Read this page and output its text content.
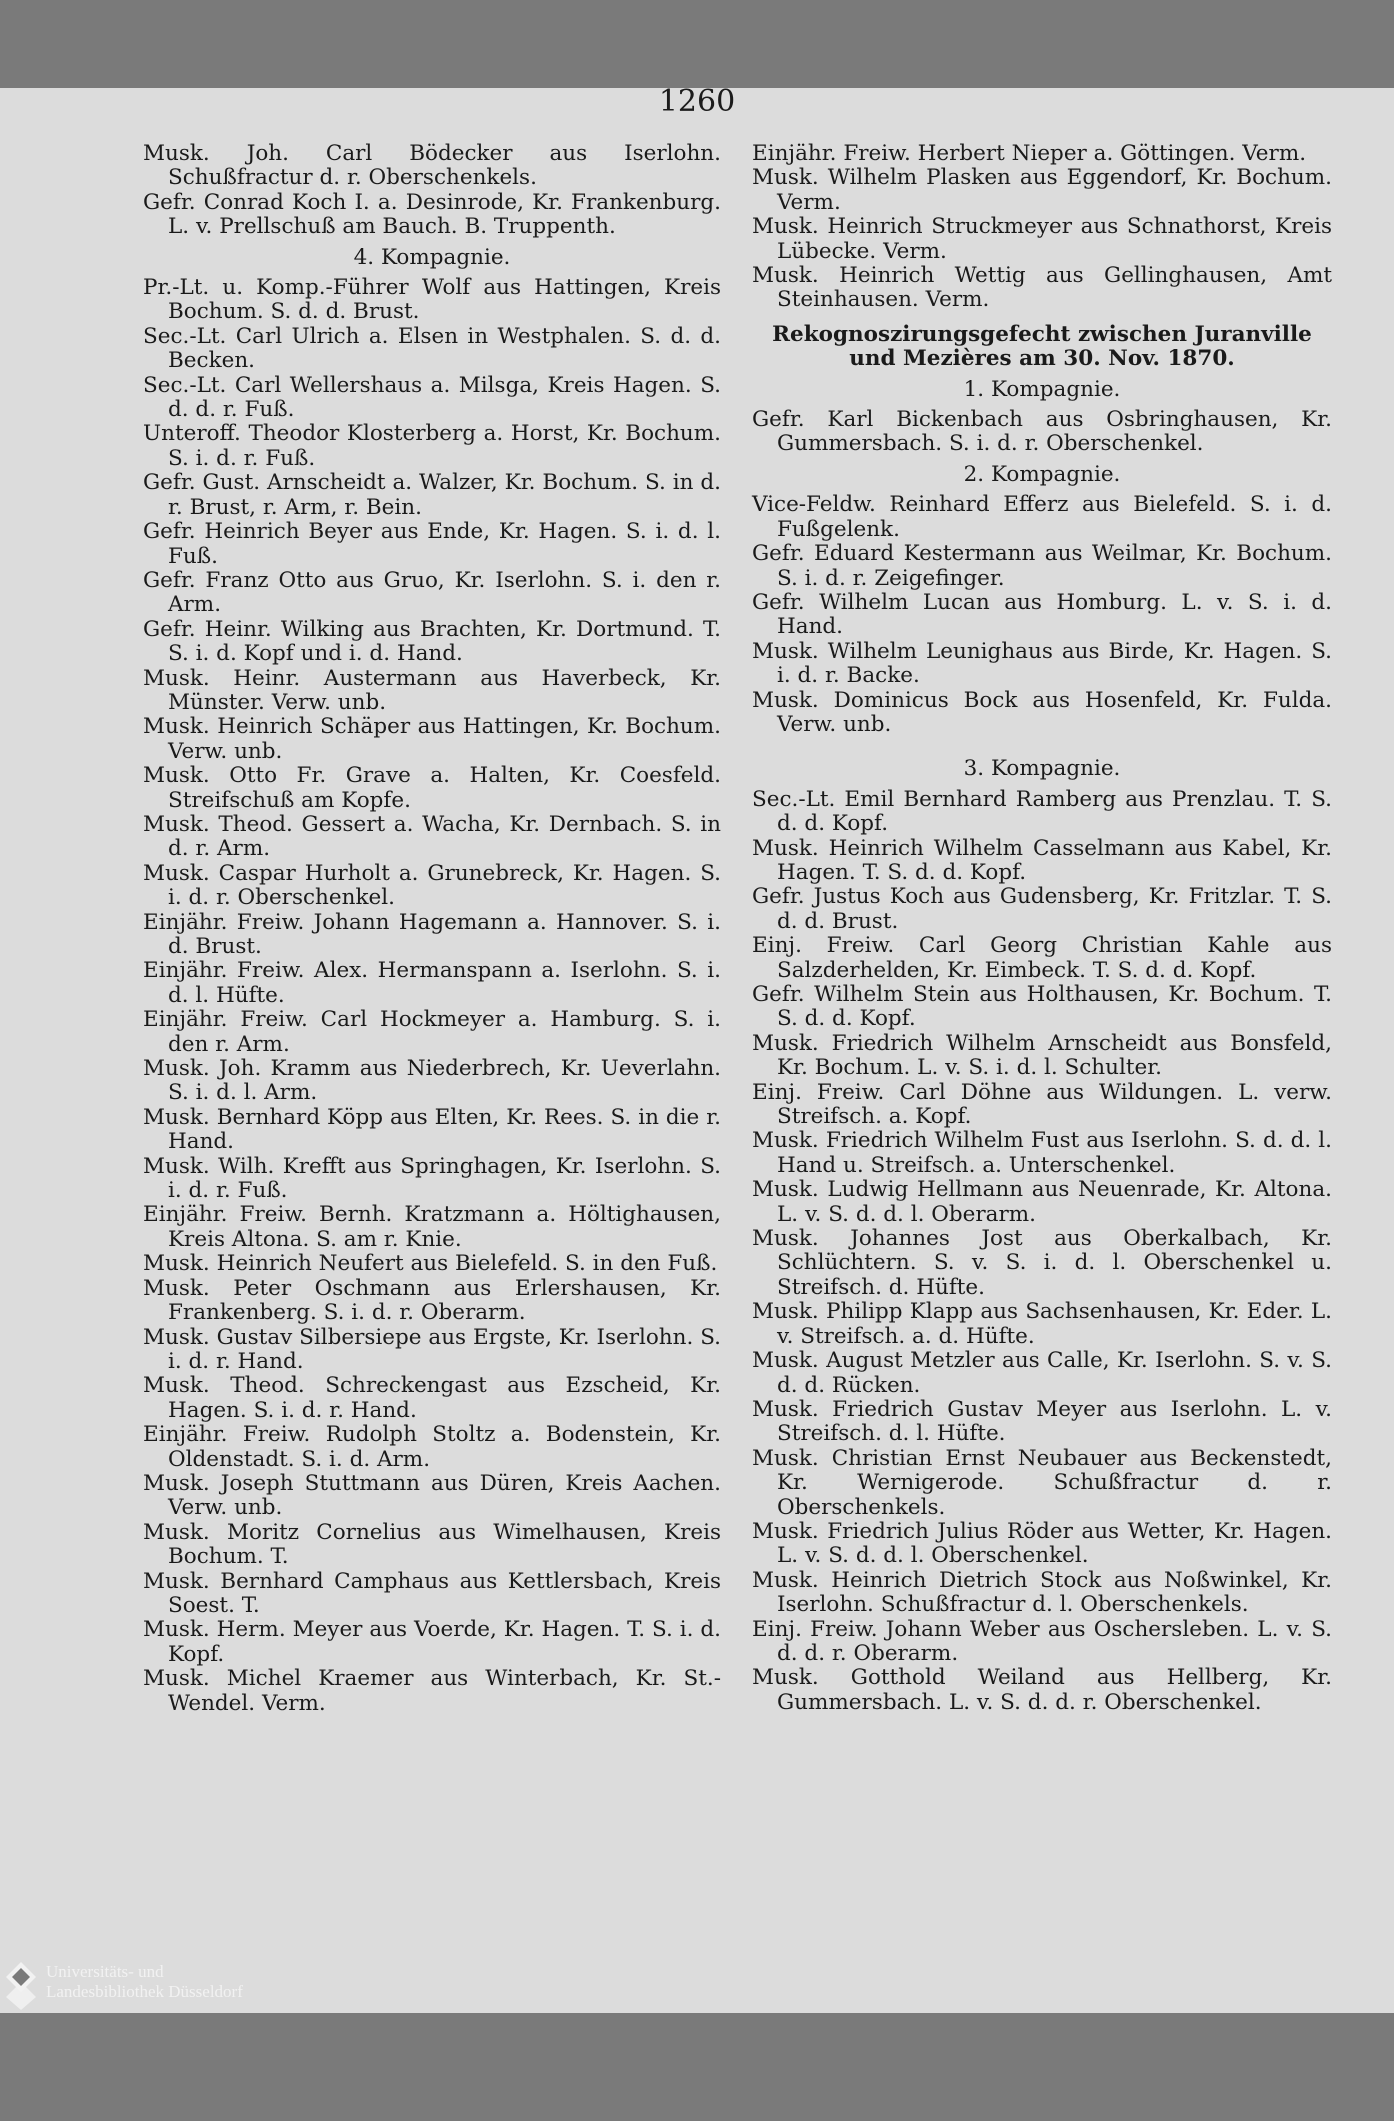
1260

Musk. Joh. Carl Bödecker aus Iserlohn. Schußfractur d. r. Oberschenkels.

Gefr. Conrad Koch I. a. Desinrode, Kr. Frankenburg. L. v. Prellschuß am Bauch. B. Truppenth.

4. Kompagnie.

Pr.-Lt. u. Komp.-Führer Wolf aus Hattingen, Kreis Bochum. S. d. d. Brust.

Sec.-Lt. Carl Ulrich a. Elsen in Westphalen. S. d. d. Becken.

Sec.-Lt. Carl Wellershaus a. Milsga, Kreis Hagen. S. d. d. r. Fuß.

Unteroff. Theodor Klosterberg a. Horst, Kr. Bochum. S. i. d. r. Fuß.

Gefr. Gust. Arnscheidt a. Walzer, Kr. Bochum. S. in d. r. Brust, r. Arm, r. Bein.

Gefr. Heinrich Beyer aus Ende, Kr. Hagen. S. i. d. l. Fuß.

Gefr. Franz Otto aus Gruo, Kr. Iserlohn. S. i. den r. Arm.

Gefr. Heinr. Wilking aus Brachten, Kr. Dortmund. T. S. i. d. Kopf und i. d. Hand.

Musk. Heinr. Austermann aus Haverbeck, Kr. Münster. Verw. unb.

Musk. Heinrich Schäper aus Hattingen, Kr. Bochum. Verw. unb.

Musk. Otto Fr. Grave a. Halten, Kr. Coesfeld. Streifschuß am Kopfe.

Musk. Theod. Gessert a. Wacha, Kr. Dernbach. S. in d. r. Arm.

Musk. Caspar Hurholt a. Grunebreck, Kr. Hagen. S. i. d. r. Oberschenkel.

Einjähr. Freiw. Johann Hagemann a. Hannover. S. i. d. Brust.

Einjähr. Freiw. Alex. Hermanspann a. Iserlohn. S. i. d. l. Hüfte.

Einjähr. Freiw. Carl Hockmeyer a. Hamburg. S. i. den r. Arm.

Musk. Joh. Kramm aus Niederbrech, Kr. Ueverlahn. S. i. d. l. Arm.

Musk. Bernhard Köpp aus Elten, Kr. Rees. S. in die r. Hand.

Musk. Wilh. Krefft aus Springhagen, Kr. Iserlohn. S. i. d. r. Fuß.

Einjähr. Freiw. Bernh. Kratzmann a. Höltighausen, Kreis Altona. S. am r. Knie.

Musk. Heinrich Neufert aus Bielefeld. S. in den Fuß.

Musk. Peter Oschmann aus Erlershausen, Kr. Frankenberg. S. i. d. r. Oberarm.

Musk. Gustav Silbersiepe aus Ergste, Kr. Iserlohn. S. i. d. r. Hand.

Musk. Theod. Schreckengast aus Ezscheid, Kr. Hagen. S. i. d. r. Hand.

Einjähr. Freiw. Rudolph Stoltz a. Bodenstein, Kr. Oldenstadt. S. i. d. Arm.

Musk. Joseph Stuttmann aus Düren, Kreis Aachen. Verw. unb.

Musk. Moritz Cornelius aus Wimelhausen, Kreis Bochum. T.

Musk. Bernhard Camphaus aus Kettlersbach, Kreis Soest. T.

Musk. Herm. Meyer aus Voerde, Kr. Hagen. T. S. i. d. Kopf.

Musk. Michel Kraemer aus Winterbach, Kr. St.-Wendel. Verm.

Einjähr. Freiw. Herbert Nieper a. Göttingen. Verm.

Musk. Wilhelm Plasken aus Eggendorf, Kr. Bochum. Verm.

Musk. Heinrich Struckmeyer aus Schnathorst, Kreis Lübecke. Verm.

Musk. Heinrich Wettig aus Gellinghausen, Amt Steinhausen. Verm.

Rekognoszirungsgefecht zwischen Juranville und Mezières am 30. Nov. 1870.

1. Kompagnie.

Gefr. Karl Bickenbach aus Osbringhausen, Kr. Gummersbach. S. i. d. r. Oberschenkel.

2. Kompagnie.

Vice-Feldw. Reinhard Efferz aus Bielefeld. S. i. d. Fußgelenk.

Gefr. Eduard Kestermann aus Weilmar, Kr. Bochum. S. i. d. r. Zeigefinger.

Gefr. Wilhelm Lucan aus Homburg. L. v. S. i. d. Hand.

Musk. Wilhelm Leunighaus aus Birde, Kr. Hagen. S. i. d. r. Backe.

Musk. Dominicus Bock aus Hosenfeld, Kr. Fulda. Verw. unb.

3. Kompagnie.

Sec.-Lt. Emil Bernhard Ramberg aus Prenzlau. T. S. d. d. Kopf.

Musk. Heinrich Wilhelm Casselmann aus Kabel, Kr. Hagen. T. S. d. d. Kopf.

Gefr. Justus Koch aus Gudensberg, Kr. Fritzlar. T. S. d. d. Brust.

Einj. Freiw. Carl Georg Christian Kahle aus Salzderhelden, Kr. Eimbeck. T. S. d. d. Kopf.

Gefr. Wilhelm Stein aus Holthausen, Kr. Bochum. T. S. d. d. Kopf.

Musk. Friedrich Wilhelm Arnscheidt aus Bonsfeld, Kr. Bochum. L. v. S. i. d. l. Schulter.

Einj. Freiw. Carl Döhne aus Wildungen. L. verw. Streifsch. a. Kopf.

Musk. Friedrich Wilhelm Fust aus Iserlohn. S. d. d. l. Hand u. Streifsch. a. Unterschenkel.

Musk. Ludwig Hellmann aus Neuenrade, Kr. Altona. L. v. S. d. d. l. Oberarm.

Musk. Johannes Jost aus Oberkalbach, Kr. Schlüchtern. S. v. S. i. d. l. Oberschenkel u. Streifsch. d. Hüfte.

Musk. Philipp Klapp aus Sachsenhausen, Kr. Eder. L. v. Streifsch. a. d. Hüfte.

Musk. August Metzler aus Calle, Kr. Iserlohn. S. v. S. d. d. Rücken.

Musk. Friedrich Gustav Meyer aus Iserlohn. L. v. Streifsch. d. l. Hüfte.

Musk. Christian Ernst Neubauer aus Beckenstedt, Kr. Wernigerode. Schußfractur d. r. Oberschenkels.

Musk. Friedrich Julius Röder aus Wetter, Kr. Hagen. L. v. S. d. d. l. Oberschenkel.

Musk. Heinrich Dietrich Stock aus Noßwinkel, Kr. Iserlohn. Schußfractur d. l. Oberschenkels.

Einj. Freiw. Johann Weber aus Oschersleben. L. v. S. d. d. r. Oberarm.

Musk. Gotthold Weiland aus Hellberg, Kr. Gummersbach. L. v. S. d. d. r. Oberschenkel.

Universitäts- und
Landesbibliothek Düsseldorf
